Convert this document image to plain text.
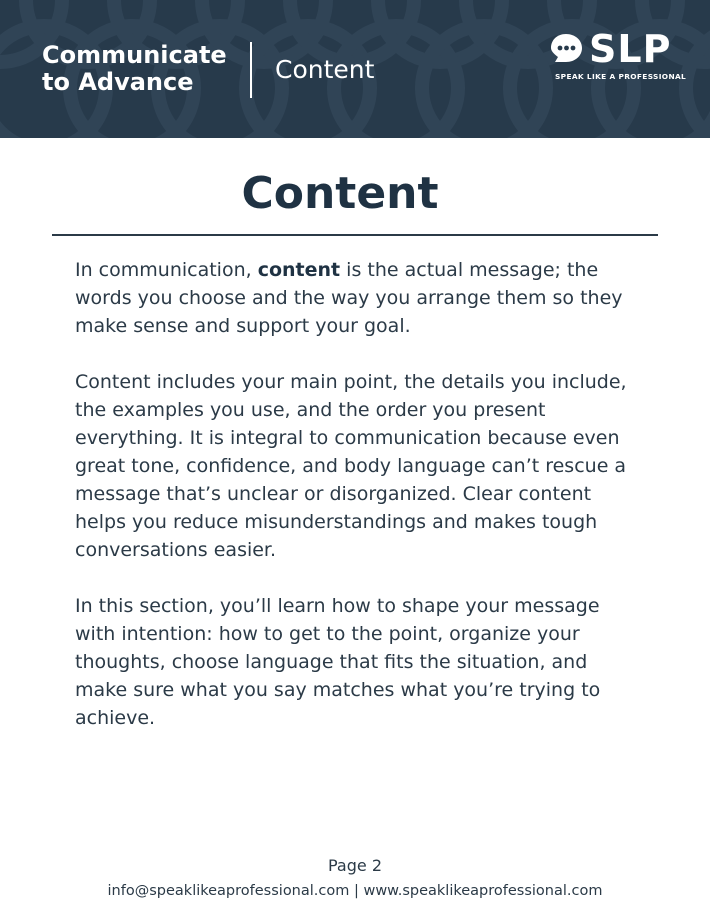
Communicate
to Advance	Content	SLP
SPEAK LIKE A PROFESSIONAL
Content

In communication, content is the actual message; the words you choose and the way you arrange them so they make sense and support your goal.

Content includes your main point, the details you include, the examples you use, and the order you present everything. It is integral to communication because even great tone, confidence, and body language can’t rescue a message that’s unclear or disorganized. Clear content helps you reduce misunderstandings and makes tough conversations easier.

In this section, you’ll learn how to shape your message with intention: how to get to the point, organize your thoughts, choose language that fits the situation, and make sure what you say matches what you’re trying to achieve.

Page 2
info@speaklikeaprofessional.com | www.speaklikeaprofessional.com
